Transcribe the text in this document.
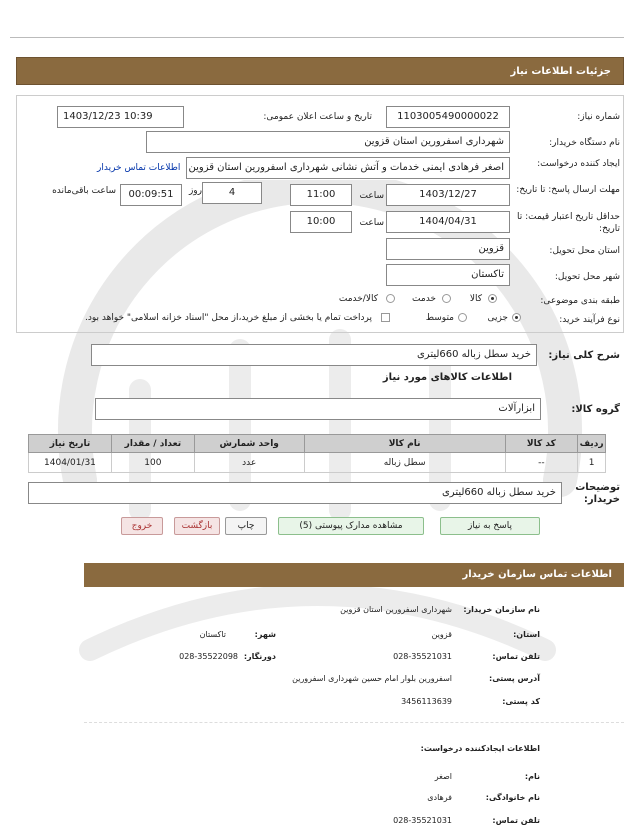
جزئیات اطلاعات نیاز
شماره نیاز:
1103005490000022
تاریخ و ساعت اعلان عمومی:
1403/12/23 10:39
نام دستگاه خریدار:
شهرداری اسفرورین استان قزوین
ایجاد کننده درخواست:
اصغر فرهادی ایمنی خدمات و آتش نشانی شهرداری اسفرورین استان قزوین
اطلاعات تماس خریدار
مهلت ارسال پاسخ: تا تاریخ:
1403/12/27
ساعت
11:00
4
روز
00:09:51
ساعت باقی‌مانده
حداقل تاریخ اعتبار قیمت: تا تاریخ:
1404/04/31
ساعت
10:00
استان محل تحویل:
قزوین
شهر محل تحویل:
تاکستان
طبقه بندی موضوعی:
کالا
خدمت
کالا/خدمت
نوع فرآیند خرید:
جزیی
متوسط
پرداخت تمام یا بخشی از مبلغ خرید،از محل "اسناد خزانه اسلامی" خواهد بود.
شرح کلی نیاز:
خرید سطل زباله 660لیتری
اطلاعات کالاهای مورد نیاز
گروه کالا:
ابزارآلات
ردیف	کد کالا	نام کالا	واحد شمارش	تعداد / مقدار	تاریخ نیاز
1	--	سطل زباله	عدد	100	1404/01/31
توضیحات خریدار:
خرید سطل زباله 660لیتری
پاسخ به نیاز
مشاهده مدارک پیوستی (5)
چاپ
بازگشت
خروج
اطلاعات تماس سازمان خریدار
نام سازمان خریدار:
شهرداری اسفرورین استان قزوین
استان:
قزوین
شهر:
تاکستان
تلفن تماس:
028-35521031
دورنگار:
028-35522098
آدرس پستی:
اسفرورین بلوار امام حسین شهرداری اسفرورین
کد پستی:
3456113639
اطلاعات ایجادکننده درخواست:
نام:
اصغر
نام خانوادگی:
فرهادی
تلفن تماس:
028-35521031
